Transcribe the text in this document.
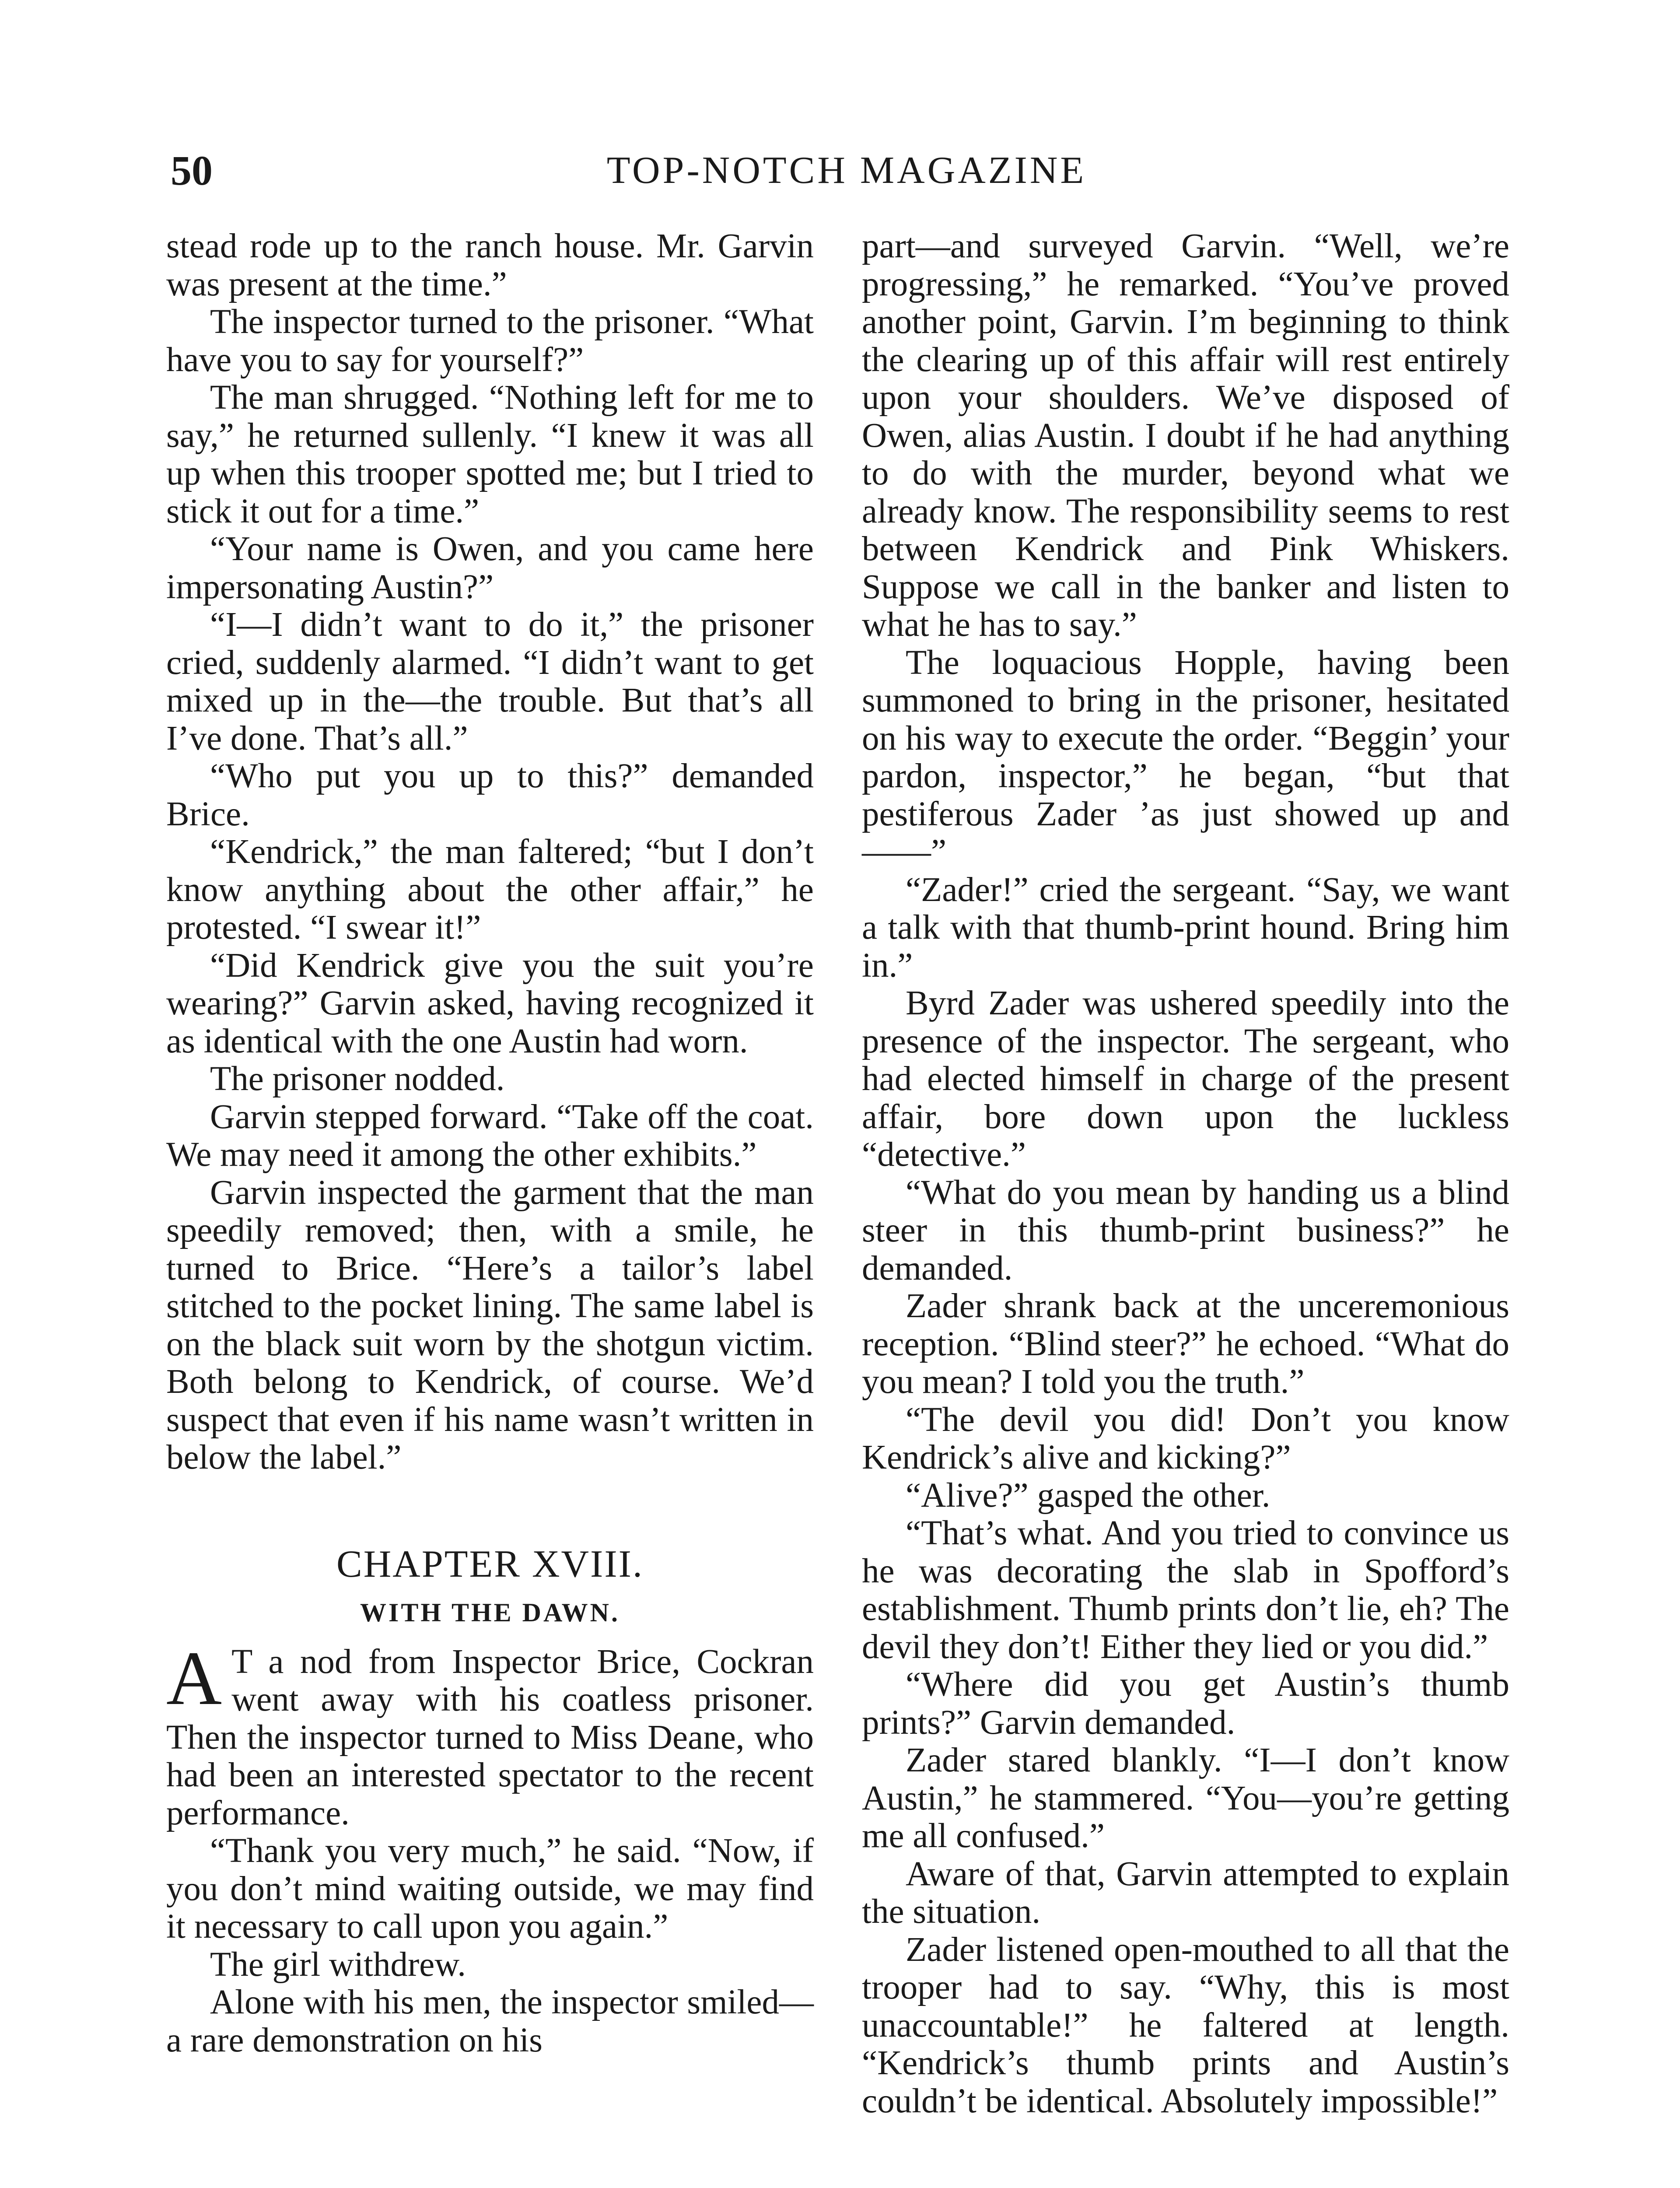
50	TOP-NOTCH MAGAZINE

stead rode up to the ranch house. Mr. Garvin was present at the time.”

The inspector turned to the prisoner. “What have you to say for yourself?”

The man shrugged. “Nothing left for me to say,” he returned sullenly. “I knew it was all up when this trooper spotted me; but I tried to stick it out for a time.”

“Your name is Owen, and you came here impersonating Austin?”

“I—I didn’t want to do it,” the prisoner cried, suddenly alarmed. “I didn’t want to get mixed up in the—the trouble. But that’s all I’ve done. That’s all.”

“Who put you up to this?” demanded Brice.

“Kendrick,” the man faltered; “but I don’t know anything about the other affair,” he protested. “I swear it!”

“Did Kendrick give you the suit you’re wearing?” Garvin asked, having recognized it as identical with the one Austin had worn.

The prisoner nodded.

Garvin stepped forward. “Take off the coat. We may need it among the other exhibits.”

Garvin inspected the garment that the man speedily removed; then, with a smile, he turned to Brice. “Here’s a tailor’s label stitched to the pocket lining. The same label is on the black suit worn by the shotgun victim. Both belong to Kendrick, of course. We’d suspect that even if his name wasn’t written in below the label.”

CHAPTER XVIII.
WITH THE DAWN.

A T a nod from Inspector Brice, Cockran went away with his coatless prisoner. Then the inspector turned to Miss Deane, who had been an interested spectator to the recent performance.

“Thank you very much,” he said. “Now, if you don’t mind waiting outside, we may find it necessary to call upon you again.”

The girl withdrew.

Alone with his men, the inspector smiled—a rare demonstration on his

part—and surveyed Garvin. “Well, we’re progressing,” he remarked. “You’ve proved another point, Garvin. I’m beginning to think the clearing up of this affair will rest entirely upon your shoulders. We’ve disposed of Owen, alias Austin. I doubt if he had anything to do with the murder, beyond what we already know. The responsibility seems to rest between Kendrick and Pink Whiskers. Suppose we call in the banker and listen to what he has to say.”

The loquacious Hopple, having been summoned to bring in the prisoner, hesitated on his way to execute the order. “Beggin’ your pardon, inspector,” he began, “but that pestiferous Zader ’as just showed up and——”

“Zader!” cried the sergeant. “Say, we want a talk with that thumb-print hound. Bring him in.”

Byrd Zader was ushered speedily into the presence of the inspector. The sergeant, who had elected himself in charge of the present affair, bore down upon the luckless “detective.”

“What do you mean by handing us a blind steer in this thumb-print business?” he demanded.

Zader shrank back at the unceremonious reception. “Blind steer?” he echoed. “What do you mean? I told you the truth.”

“The devil you did! Don’t you know Kendrick’s alive and kicking?”

“Alive?” gasped the other.

“That’s what. And you tried to convince us he was decorating the slab in Spofford’s establishment. Thumb prints don’t lie, eh? The devil they don’t! Either they lied or you did.”

“Where did you get Austin’s thumb prints?” Garvin demanded.

Zader stared blankly. “I—I don’t know Austin,” he stammered. “You—you’re getting me all confused.”

Aware of that, Garvin attempted to explain the situation.

Zader listened open-mouthed to all that the trooper had to say. “Why, this is most unaccountable!” he faltered at length. “Kendrick’s thumb prints and Austin’s couldn’t be identical. Absolutely impossible!”
